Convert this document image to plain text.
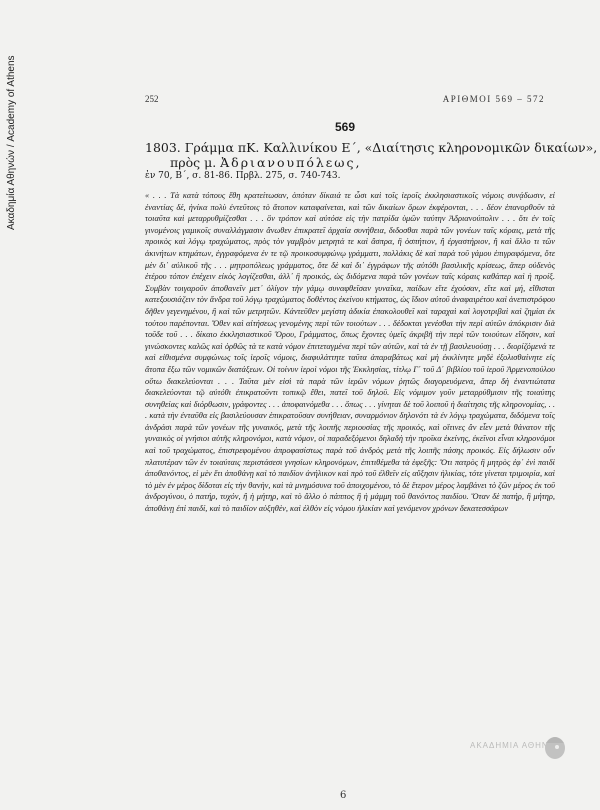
Ακαδημία Αθηνών / Academy of Athens	252	ΑΡΙΘΜΟΙ 569 – 572
569
1803. Γράμμα πΚ. Καλλινίκου Ε΄, «Διαίτησις κληρονομικῶν δικαίων»,
πρὸς μ. Ἀδριανουπόλεως,
ἐν 70, Β΄, σ. 81-86. Πρβλ. 275, σ. 740-743.

« . . . Τὰ κατὰ τόπους ἔθη κρατείτωσαν, ὁπόταν δίκαιά τε ὦσι καὶ τοῖς ἱεροῖς ἐκκλησιαστικοῖς νόμοις συνᾴδωσιν, εἰ ἐναντίας δέ, ἡνίκα πολὺ ἐντεῦτοις τὸ ἄτοπον καταφαίνεται, καὶ τῶν δικαίων ὅρων ἐκφέρονται, . . . δέον ἐπανορθοῦν τὰ τοιαῦτα καὶ μεταρρυθμίζεσθαι . . . ὃν τρόπον καὶ αὐτόσε εἰς τὴν πατρίδα ὑμῶν ταύτην Ἀδριανούπολιν . . . ὅτι ἐν τοῖς γινομένοις γαμικοῖς συναλλάγμασιν ἄνωθεν ἐπικρατεῖ ἀρχαία συνήθεια, διδοσθαι παρὰ τῶν γονέων ταῖς κόραις, μετὰ τῆς προικὸς καὶ λόγῳ τραχώματος, πρὸς τὸν γαμβρὸν μετρητά τε καὶ ἄσπρα, ἢ ὀσπήτιον, ἢ ἐργαστήριον, ἢ καὶ ἄλλο τι τῶν ἀκινήτων κτημάτων, ἐγγραφόμενα ἐν τε τῷ προικοσυμφώνῳ γράμματι, πολλάκις δὲ καὶ παρὰ τοῦ γάμου ἐπιγραφόμενα, ὅτε μὲν δι᾽ αὐλικοῦ τῆς . . . μητροπόλεως γράμματος, ὅτε δὲ καὶ δι᾽ ἐγγράφων τῆς αὐτόθι βασιλικῆς κρίσεως, ἅπερ οὐδενὸς ἑτέρου τόπον ἐπέχειν εἰκὸς λογίζεσθαι, ἀλλ᾽ ἢ προικός, ὡς διδόμενα παρὰ τῶν γονέων ταῖς κόραις καθάπερ καὶ ἡ προίξ. Συμβὰν τοιγαροῦν ἀποθανεῖν μετ᾽ ὀλίγον τὴν γάμῳ συναφθεῖσαν γυναῖκα, παίδων εἴτε ἐχούσαν, εἴτε καὶ μή, εἴθισται κατεξουσιάζειν τὸν ἄνδρα τοῦ λόγῳ τραχώματος δοθέντος ἐκείνου κτήματος, ὡς ἴδιον αὐτοῦ ἀναφαιρέτου καὶ ἀνεπιστρόφου δῆθεν γεγενημένου, ἢ καὶ τῶν μετρητῶν. Κἀντεῦθεν μεγίστη ἀδικία ἐπακολουθεῖ καὶ ταραχαὶ καὶ λογοτριβαὶ καὶ ζημίαι ἐκ τούτου παρέπονται. Ὅθεν καὶ αἰτήσεως γενομένης περὶ τῶν τοιούτων . . . δέδοκται γενέσθαι τὴν περὶ αὐτῶν ἀπόκρισιν διὰ τοῦδε τοῦ . . . δίκαιο ἐκκλησιαστικοῦ Ὅρου, Γράμματος, ὅπως ἔχοντες ὑμεῖς ἀκριβῆ τὴν περὶ τῶν τοιούτων εἴδησιν, καὶ γινώσκοντες καλῶς καὶ ὀρθῶς τὰ τε κατὰ νόμον ἐπιτεταγμένα περὶ τῶν αὐτῶν, καὶ τὰ ἐν τῇ βασιλευούσῃ . . . διορίζόμενά τε καὶ εἰθισμένα συμφώνως τοῖς ἱεροῖς νόμοις, διαφυλάττητε ταῦτα ἀπαραβάτως καὶ μὴ ἐκκλίνητε μηδὲ ἐξολισθαίνητε εἰς ἄτοπα ἔξω τῶν νομικῶν διατάξεων. Οἱ τοίνυν ἱεροὶ νόμοι τῆς Ἐκκλησίας, τίτλῳ Γ΄ τοῦ Δ΄ βιβλίου τοῦ ἱεροῦ Ἀρμενοπούλου οὕτω διακελεύονται . . . Ταῦτα μὲν εἰσὶ τὰ παρὰ τῶν ἱερῶν νόμων ῥητῶς διαγορευόμενα, ἅπερ δὴ ἐναντιώτατα διακελεύονται τῷ αὐτόθι ἐπικρατοῦντι τοπικῷ ἔθει, πατεῖ τοῦ δηλοῦ. Εἰς νόμιμον γοῦν μεταρρύθμισιν τῆς τοιαύτης συνηθείας καὶ διόρθωσιν, γράφοντες . . . ἀποφαινόμεθα . . . ὅπως . . . γίνηται δὲ τοῦ λοιποῦ ἡ διαίτησις τῆς κληρονομίας, . . . κατὰ τὴν ἐνταῦθα εἰς βασιλεύουσαν ἐπικρατοῦσαν συνήθειαν, συναρμόνιον δηλονότι τὰ ἐν λόγῳ τραχώματα, διδόμενα τοῖς ἀνδράσι παρὰ τῶν γονέων τῆς γυναικός, μετὰ τῆς λοιπῆς περιουσίας τῆς προικός, καὶ οἵτινες ἂν εἶεν μετὰ θάνατον τῆς γυναικὸς οἱ γνήσιοι αὐτῆς κληρονόμοι, κατὰ νόμον, οἱ παραδεξόμενοι δηλαδὴ τὴν προῖκα ἐκείνης, ἐκεῖνοι εἶναι κληρονόμοι καὶ τοῦ τραχώματος, ἐπιστρεφομένου ἀπροφασίστως παρὰ τοῦ ἀνδρὸς μετὰ τῆς λοιπῆς πάσης προικός. Εἰς δήλωσιν οὖν πλατυτέραν τῶν ἐν τοιαύταις περιστάσεσι γνησίων κληρονόμων, ἐπιτιθέμεθα τὰ ἑφεξῆς: Ὅτι πατρὸς ἢ μητρὸς ἐφ᾽ ἑνὶ παιδὶ ἀποθανόντος, εἰ μὲν ἔτι ἀποθάνῃ καὶ τὸ παιδίον ἀνήλικον καὶ πρὸ τοῦ ἐλθεῖν εἰς αὔξησιν ἡλικίας, τότε γίνεται τριμοιρία, καὶ τὸ μὲν ἐν μέρος δίδοται εἰς τὴν θανὴν, καὶ τὰ μνημόσυνα τοῦ ἀποιχομένου, τὸ δὲ ἕτερον μέρος λαμβάνει τὸ ζῶν μέρος ἐκ τοῦ ἀνδρογύνου, ὁ πατήρ, τυχόν, ἢ ἡ μήτηρ, καὶ τὸ ἄλλο ὁ πάππος ἢ ἡ μάμμη τοῦ θανόντος παιδίου. Ὅταν δὲ πατήρ, ἢ μήτηρ, ἀποθάνῃ ἐπὶ παιδί, καὶ τὸ παιδίον αὐξηθὲν, καὶ ἐλθὸν εἰς νόμου ἡλικίαν καὶ γενόμενον χρόνων δεκατεσσάρων

ΑΚΑΔΗΜΙΑ ΑΘΗΝΩΝ
6
